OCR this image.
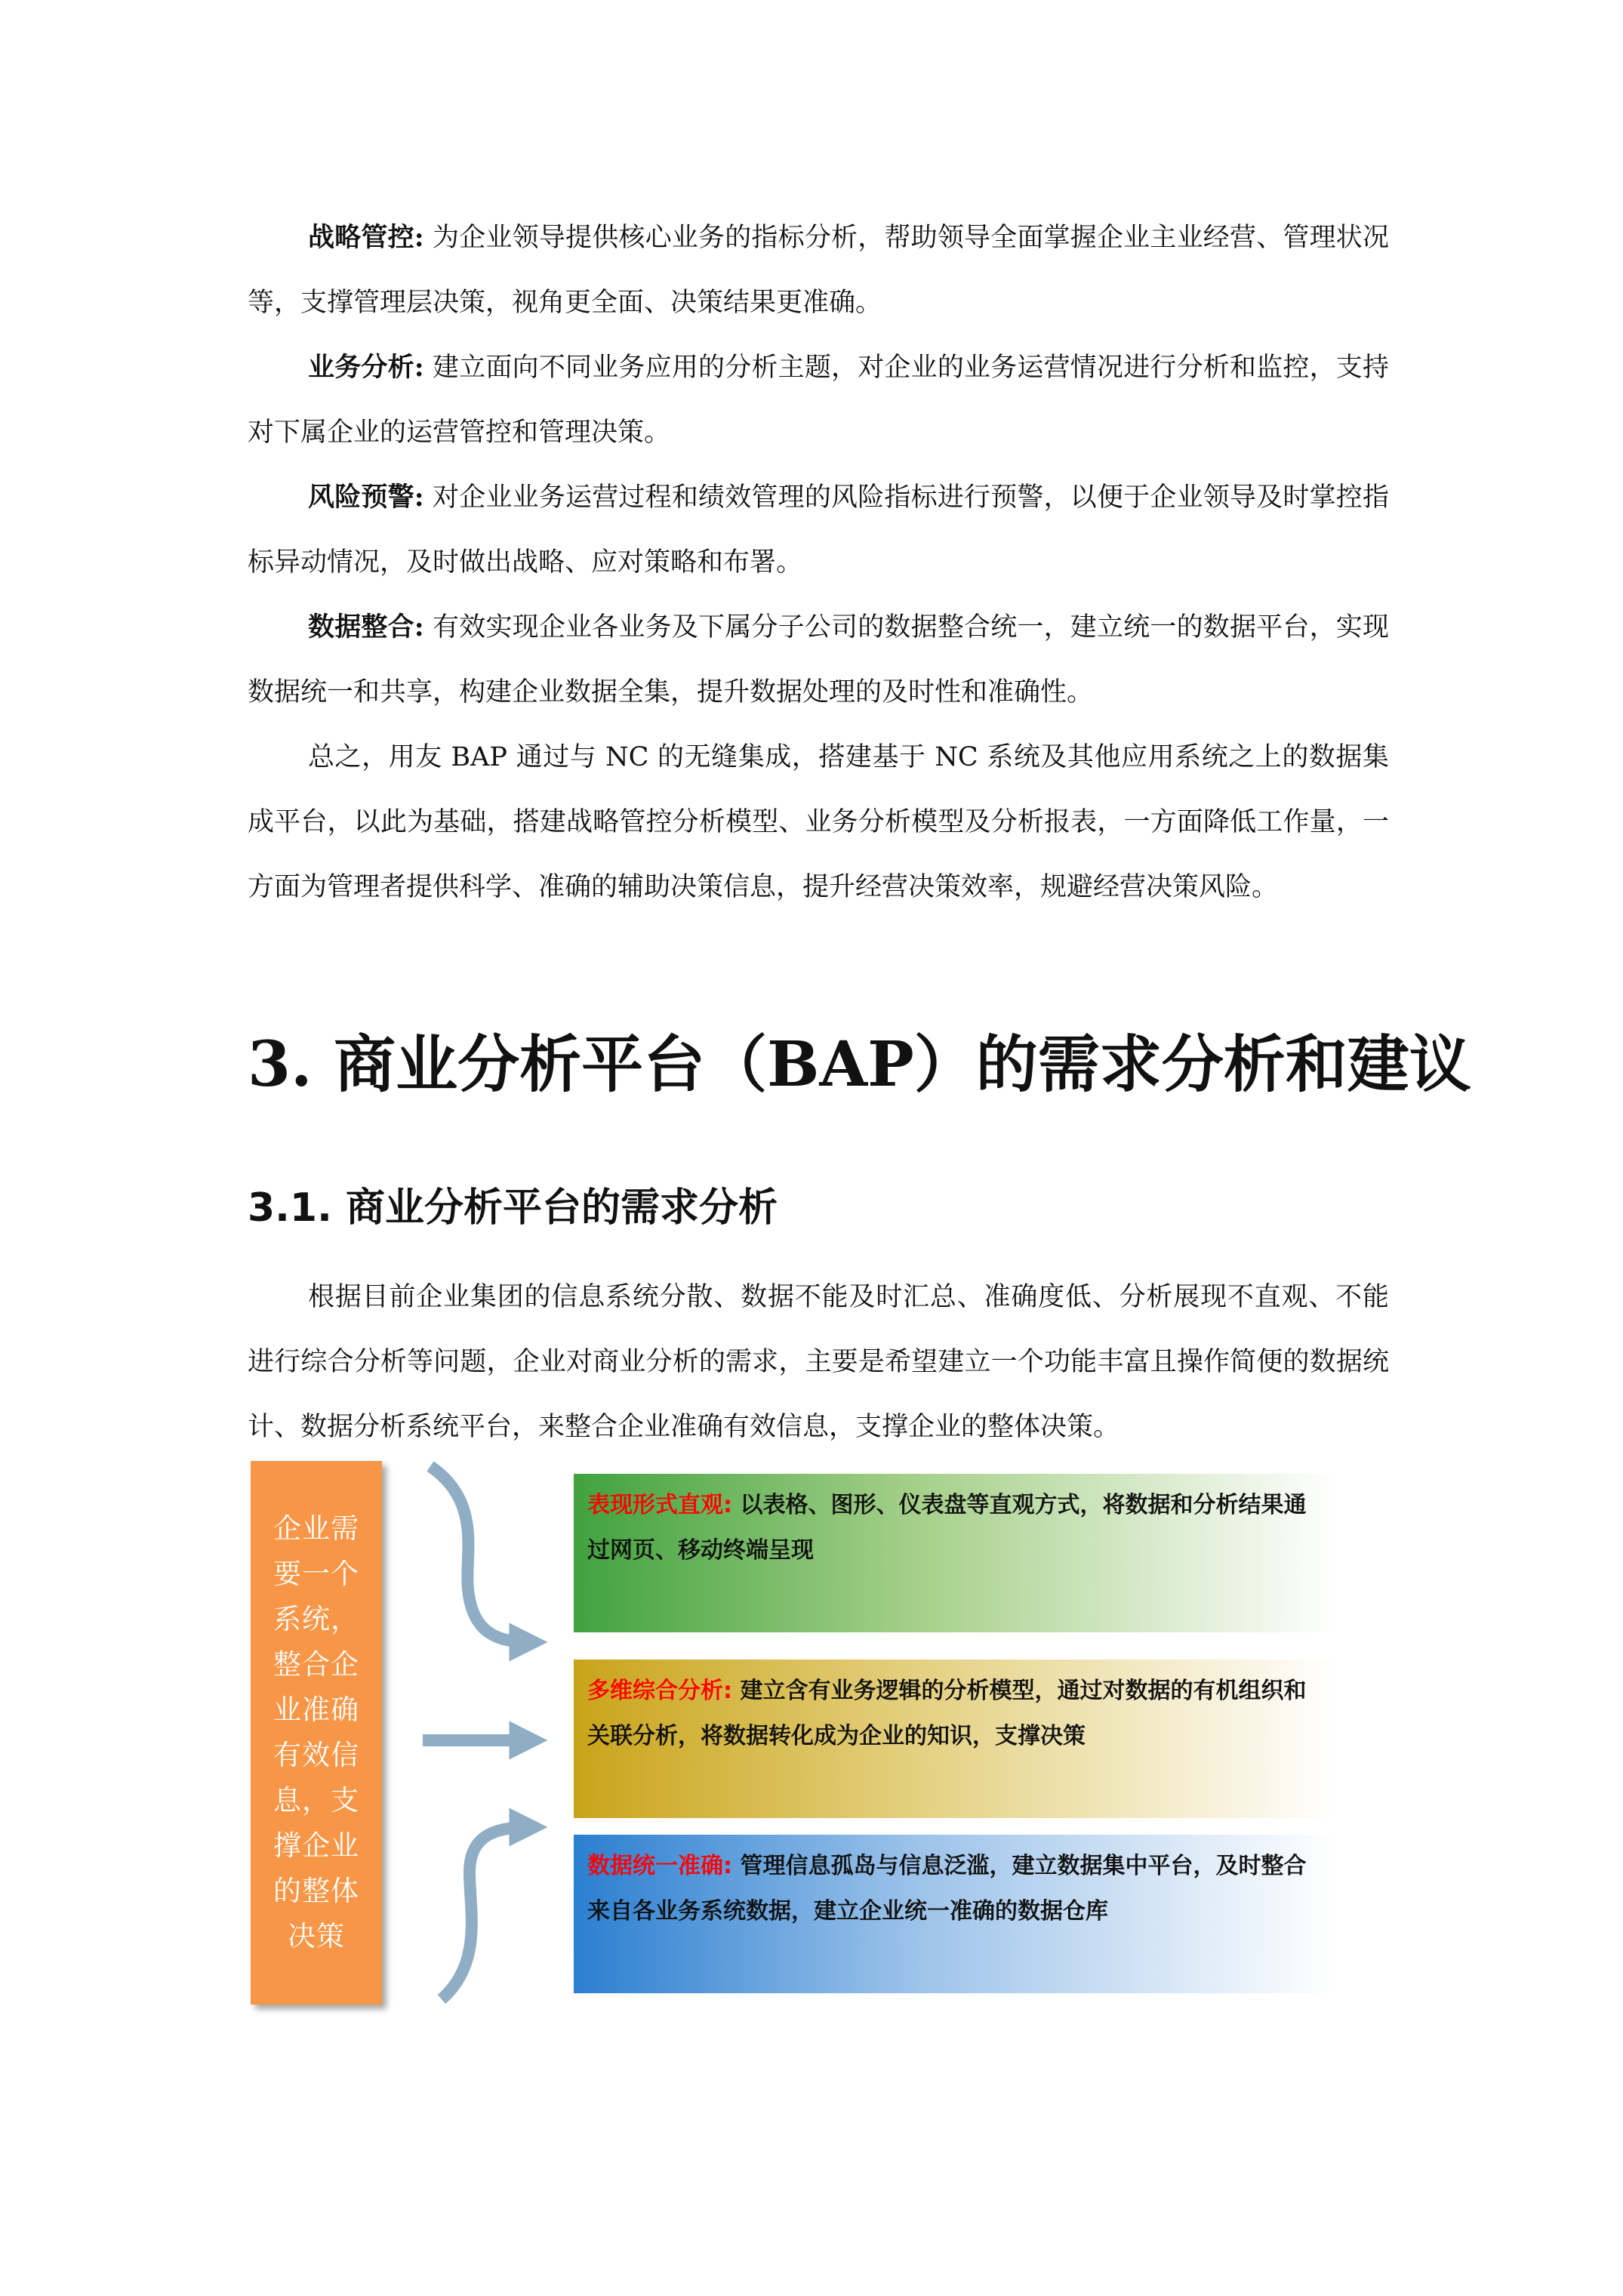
战略管控: 为企业领导提供核心业务的指标分析，帮助领导全面掌握企业主业经营、管理状况等，支撑管理层决策，视角更全面、决策结果更准确。

业务分析: 建立面向不同业务应用的分析主题，对企业的业务运营情况进行分析和监控，支持对下属企业的运营管控和管理决策。

风险预警: 对企业业务运营过程和绩效管理的风险指标进行预警，以便于企业领导及时掌控指标异动情况，及时做出战略、应对策略和布署。

数据整合: 有效实现企业各业务及下属分子公司的数据整合统一，建立统一的数据平台，实现数据统一和共享，构建企业数据全集，提升数据处理的及时性和准确性。

总之，用友 BAP 通过与 NC 的无缝集成，搭建基于 NC 系统及其他应用系统之上的数据集成平台，以此为基础，搭建战略管控分析模型、业务分析模型及分析报表，一方面降低工作量，一方面为管理者提供科学、准确的辅助决策信息，提升经营决策效率，规避经营决策风险。

3. 商业分析平台（BAP）的需求分析和建议
3.1. 商业分析平台的需求分析

根据目前企业集团的信息系统分散、数据不能及时汇总、准确度低、分析展现不直观、不能进行综合分析等问题，企业对商业分析的需求，主要是希望建立一个功能丰富且操作简便的数据统计、数据分析系统平台，来整合企业准确有效信息，支撑企业的整体决策。

企业需要一个系统，整合企业准确有效信息，支撑企业的整体决策
表现形式直观: 以表格、图形、仪表盘等直观方式，将数据和分析结果通过网页、移动终端呈现
多维综合分析: 建立含有业务逻辑的分析模型，通过对数据的有机组织和关联分析，将数据转化成为企业的知识，支撑决策
数据统一准确: 管理信息孤岛与信息泛滥，建立数据集中平台，及时整合来自各业务系统数据，建立企业统一准确的数据仓库
